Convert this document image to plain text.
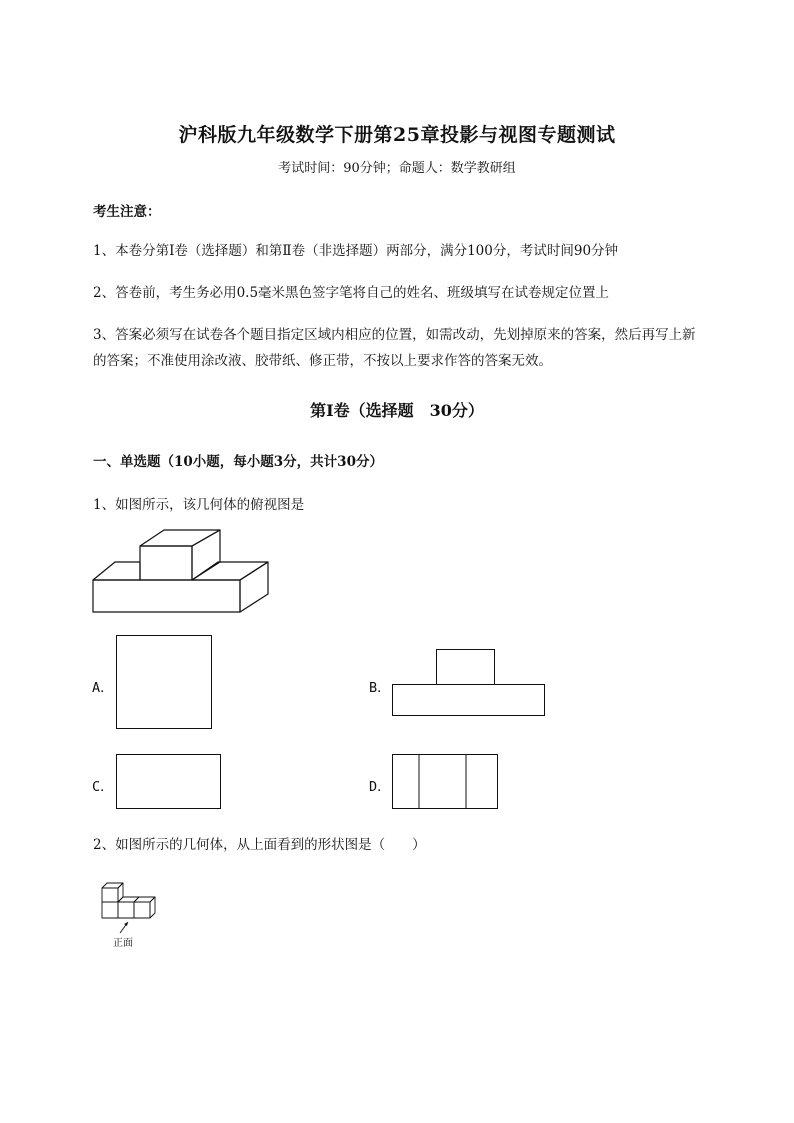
沪科版九年级数学下册第25章投影与视图专题测试
考试时间：90分钟；命题人：数学教研组
考生注意：
1、本卷分第I卷（选择题）和第Ⅱ卷（非选择题）两部分，满分100分，考试时间90分钟
2、答卷前，考生务必用0.5毫米黑色签字笔将自己的姓名、班级填写在试卷规定位置上
3、答案必须写在试卷各个题目指定区域内相应的位置，如需改动，先划掉原来的答案，然后再写上新
的答案；不准使用涂改液、胶带纸、修正带，不按以上要求作答的答案无效。
第I卷（选择题　30分）
一、单选题（10小题，每小题3分，共计30分）
1、如图所示，该几何体的俯视图是
A．	B．
C．	D．
2、如图所示的几何体，从上面看到的形状图是（　　）
正面
